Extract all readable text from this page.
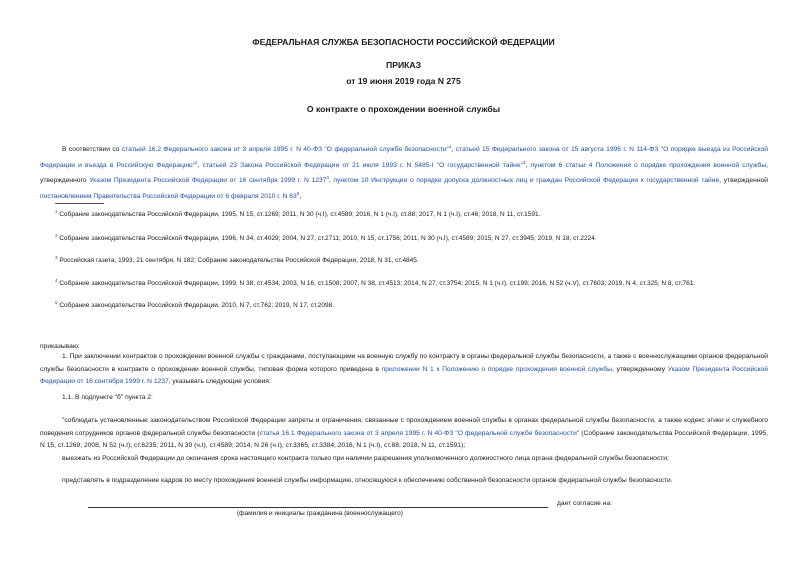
ФЕДЕРАЛЬНАЯ СЛУЖБА БЕЗОПАСНОСТИ РОССИЙСКОЙ ФЕДЕРАЦИИ
ПРИКАЗ
от 19 июня 2019 года N 275
О контракте о прохождении военной службы

В соответствии со статьей 16.2 Федерального закона от 3 апреля 1995 г. N 40-ФЗ "О федеральной службе безопасности"$^1$, статьей 15 Федерального закона от 15 августа 1996 г. N 114-ФЗ "О порядке выезда из Российской Федерации и въезда в Российскую Федерацию"$^2$, статьей 23 Закона Российской Федерации от 21 июля 1993 г. N 5485-I "О государственной тайне"$^3$, пунктом 6 статьи 4 Положения о порядке прохождения военной службы, утвержденного Указом Президента Российской Федерации от 16 сентября 1999 г. N 1237$^4$, пунктом 10 Инструкции о порядке допуска должностных лиц и граждан Российской Федерации к государственной тайне, утвержденной постановлением Правительства Российской Федерации от 6 февраля 2010 г. N $63^5$,

$^1$ Собрание законодательства Российской Федерации, 1995, N 15, ст.1269; 2011, N 30 (ч.I), ст.4589; 2016, N 1 (ч.I), ст.88; 2017, N 1 (ч.I), ст.46; 2018, N 11, ст.1591.

$^2$ Собрание законодательства Российской Федерации, 1996, N 34, ст.4029; 2004, N 27, ст.2711; 2010, N 15, ст.1756; 2011, N 30 (ч.I), ст.4589; 2015, N 27, ст.3945; 2019, N 18, ст.2224.

$^3$ Российская газета, 1993, 21 сентября, N 182; Собрание законодательства Российской Федерации, 2018, N 31, ст.4845.

$^4$ Собрание законодательства Российской Федерации, 1999, N 38, ст.4534; 2003, N 16, ст.1508; 2007, N 38, ст.4513; 2014, N 27, ст.3754; 2015, N 1 (ч.I), ст.199; 2016, N 52 (ч.V), ст.7603; 2019, N 4, ст.325; N 8, ст.761.

$^5$ Собрание законодательства Российской Федерации, 2010, N 7, ст.762; 2019, N 17, ст.2098.

приказываю:

1. При заключении контрактов о прохождении военной службы с гражданами, поступающими на военную службу по контракту в органы федеральной службы безопасности, а также с военнослужащими органов федеральной службы безопасности в контракте о прохождении военной службы, типовая форма которого приведена в приложении N 1 к Положению о порядке прохождения военной службы, утвержденному Указом Президента Российской Федерации от 16 сентября 1999 г. N 1237, указывать следующие условия:

1.1. В подпункте "б" пункта 2:

"соблюдать установленные законодательством Российской Федерации запреты и ограничения, связанные с прохождением военной службы в органах федеральной службы безопасности, а также кодекс этики и служебного поведения сотрудников органов федеральной службы безопасности (статья 16.1 Федерального закона от 3 апреля 1995 г. N 40-ФЗ "О федеральной службе безопасности" (Собрание законодательства Российской Федерации, 1995, N 15, ст.1269; 2008, N 52 (ч.I), ст.6235; 2011, N 30 (ч.I), ст.4589; 2014, N 26 (ч.I), ст.3365, ст.3384; 2016, N 1 (ч.I), ст.88; 2018, N 11, ст.1591);

выезжать из Российской Федерации до окончания срока настоящего контракта только при наличии разрешения уполномоченного должностного лица органа федеральной службы безопасности;

представлять в подразделение кадров по месту прохождения военной службы информацию, относящуюся к обеспечению собственной безопасности органов федеральной службы безопасности.

дает согласие на:
(фамилия и инициалы гражданина (военнослужащего)
